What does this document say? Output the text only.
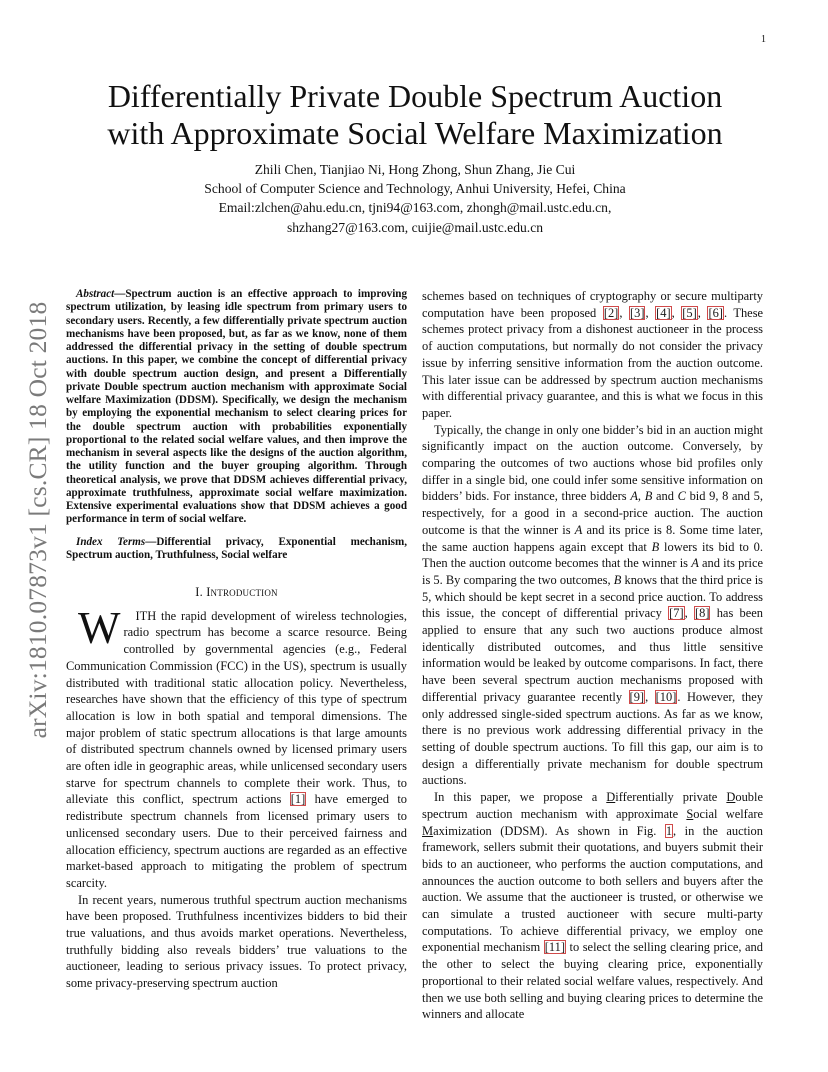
1
arXiv:1810.07873v1 [cs.CR] 18 Oct 2018
Differentially Private Double Spectrum Auction
with Approximate Social Welfare Maximization
Zhili Chen, Tianjiao Ni, Hong Zhong, Shun Zhang, Jie Cui
School of Computer Science and Technology, Anhui University, Hefei, China
Email:zlchen@ahu.edu.cn, tjni94@163.com, zhongh@mail.ustc.edu.cn,
shzhang27@163.com, cuijie@mail.ustc.edu.cn

Abstract—Spectrum auction is an effective approach to improving spectrum utilization, by leasing idle spectrum from primary users to secondary users. Recently, a few differentially private spectrum auction mechanisms have been proposed, but, as far as we know, none of them addressed the differential privacy in the setting of double spectrum auctions. In this paper, we combine the concept of differential privacy with double spectrum auction design, and present a Differentially private Double spectrum auction mechanism with approximate Social welfare Maximization (DDSM). Specifically, we design the mechanism by employing the exponential mechanism to select clearing prices for the double spectrum auction with probabilities exponentially proportional to the related social welfare values, and then improve the mechanism in several aspects like the designs of the auction algorithm, the utility function and the buyer grouping algorithm. Through theoretical analysis, we prove that DDSM achieves differential privacy, approximate truthfulness, approximate social welfare maximization. Extensive experimental evaluations show that DDSM achieves a good performance in term of social welfare.

Index Terms—Differential privacy, Exponential mechanism, Spectrum auction, Truthfulness, Social welfare

I. Introduction

W ITH the rapid development of wireless technologies, radio spectrum has become a scarce resource. Being controlled by governmental agencies (e.g., Federal Communication Commission (FCC) in the US), spectrum is usually distributed with traditional static allocation policy. Nevertheless, researches have shown that the efficiency of this type of spectrum allocation is low in both spatial and temporal dimensions. The major problem of static spectrum allocations is that large amounts of distributed spectrum channels owned by licensed primary users are often idle in geographic areas, while unlicensed secondary users starve for spectrum channels to complete their work. Thus, to alleviate this conflict, spectrum actions [1] have emerged to redistribute spectrum channels from licensed primary users to unlicensed secondary users. Due to their perceived fairness and allocation efficiency, spectrum auctions are regarded as an effective market-based approach to mitigating the problem of spectrum scarcity.

In recent years, numerous truthful spectrum auction mechanisms have been proposed. Truthfulness incentivizes bidders to bid their true valuations, and thus avoids market operations. Nevertheless, truthfully bidding also reveals bidders’ true valuations to the auctioneer, leading to serious privacy issues. To protect privacy, some privacy-preserving spectrum auction

schemes based on techniques of cryptography or secure multiparty computation have been proposed [2], [3], [4], [5], [6]. These schemes protect privacy from a dishonest auctioneer in the process of auction computations, but normally do not consider the privacy issue by inferring sensitive information from the auction outcome. This later issue can be addressed by spectrum auction mechanisms with differential privacy guarantee, and this is what we focus in this paper.

Typically, the change in only one bidder’s bid in an auction might significantly impact on the auction outcome. Conversely, by comparing the outcomes of two auctions whose bid profiles only differ in a single bid, one could infer some sensitive information on bidders’ bids. For instance, three bidders A, B and C bid 9, 8 and 5, respectively, for a good in a second-price auction. The auction outcome is that the winner is A and its price is 8. Some time later, the same auction happens again except that B lowers its bid to 0. Then the auction outcome becomes that the winner is A and its price is 5. By comparing the two outcomes, B knows that the third price is 5, which should be kept secret in a second price auction. To address this issue, the concept of differential privacy [7], [8] has been applied to ensure that any such two auctions produce almost identically distributed outcomes, and thus little sensitive information would be leaked by outcome comparisons. In fact, there have been several spectrum auction mechanisms proposed with differential privacy guarantee recently [9], [10]. However, they only addressed single-sided spectrum auctions. As far as we know, there is no previous work addressing differential privacy in the setting of double spectrum auctions. To fill this gap, our aim is to design a differentially private mechanism for double spectrum auctions.

In this paper, we propose a Differentially private Double spectrum auction mechanism with approximate Social welfare Maximization (DDSM). As shown in Fig. 1, in the auction framework, sellers submit their quotations, and buyers submit their bids to an auctioneer, who performs the auction computations, and announces the auction outcome to both sellers and buyers after the auction. We assume that the auctioneer is trusted, or otherwise we can simulate a trusted auctioneer with secure multi-party computations. To achieve differential privacy, we employ one exponential mechanism [11] to select the selling clearing price, and the other to select the buying clearing price, exponentially proportional to their related social welfare values, respectively. And then we use both selling and buying clearing prices to determine the winners and allocate
